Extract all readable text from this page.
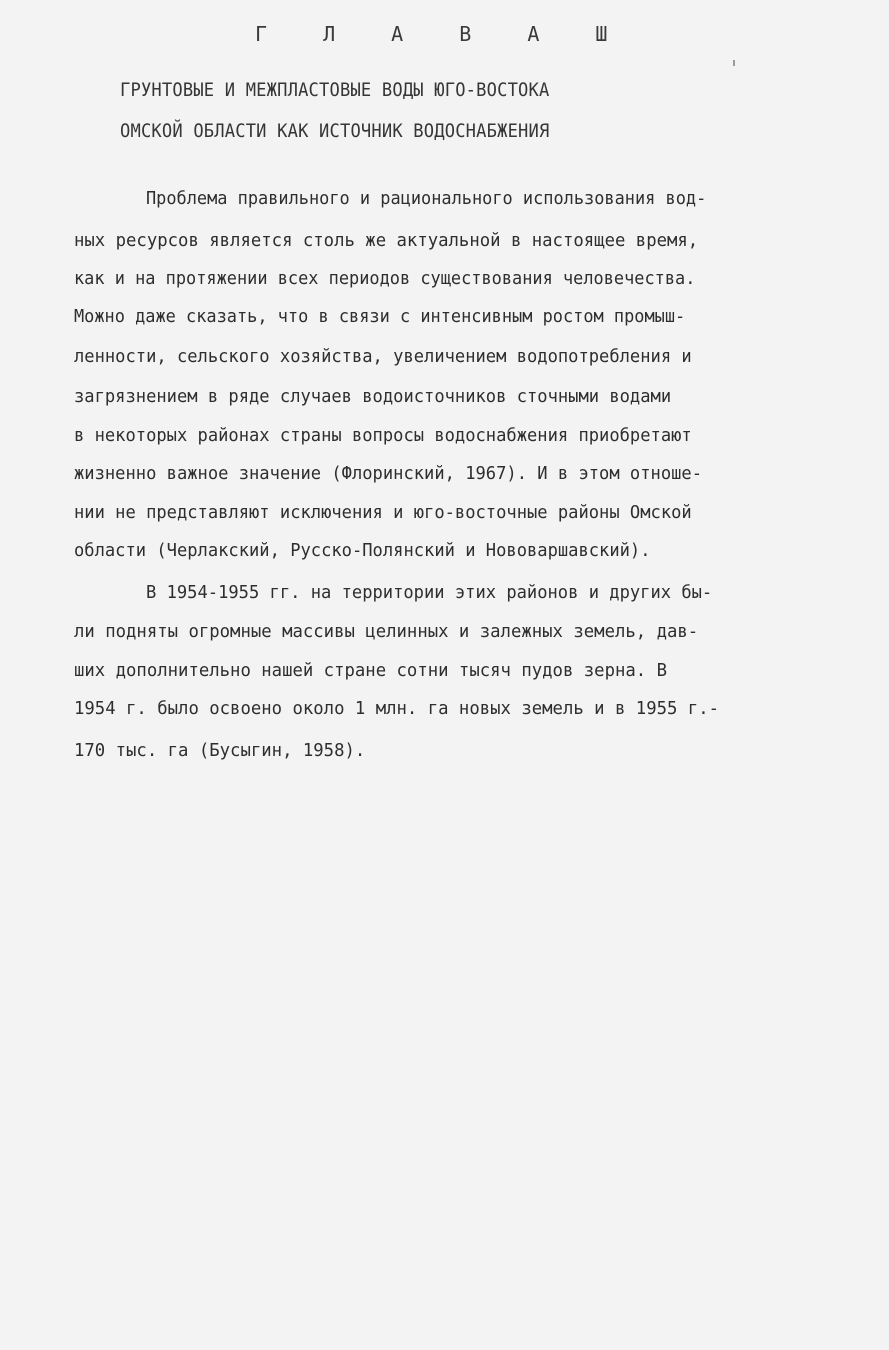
Г Л А В А Ш
ГРУНТОВЫЕ И МЕЖПЛАСТОВЫЕ ВОДЫ ЮГО-ВОСТОКА
ОМСКОЙ ОБЛАСТИ КАК ИСТОЧНИК ВОДОСНАБЖЕНИЯ
Проблема правильного и рационального использования вод-
ных ресурсов является столь же актуальной в настоящее время,
как и на протяжении всех периодов существования человечества.
Можно даже сказать, что в связи с интенсивным ростом промыш-
ленности, сельского хозяйства, увеличением водопотребления и
загрязнением в ряде случаев водоисточников сточными водами
в некоторых районах страны вопросы водоснабжения приобретают
жизненно важное значение (Флоринский, 1967). И в этом отноше-
нии не представляют исключения и юго-восточные районы Омской
области (Черлакский, Русско-Полянский и Нововаршавский).
В 1954-1955 гг. на территории этих районов и других бы-
ли подняты огромные массивы целинных и залежных земель, дав-
ших дополнительно нашей стране сотни тысяч пудов зерна. В
1954 г. было освоено около 1 млн. га новых земель и в 1955 г.-
170 тыс. га (Бусыгин, 1958).
